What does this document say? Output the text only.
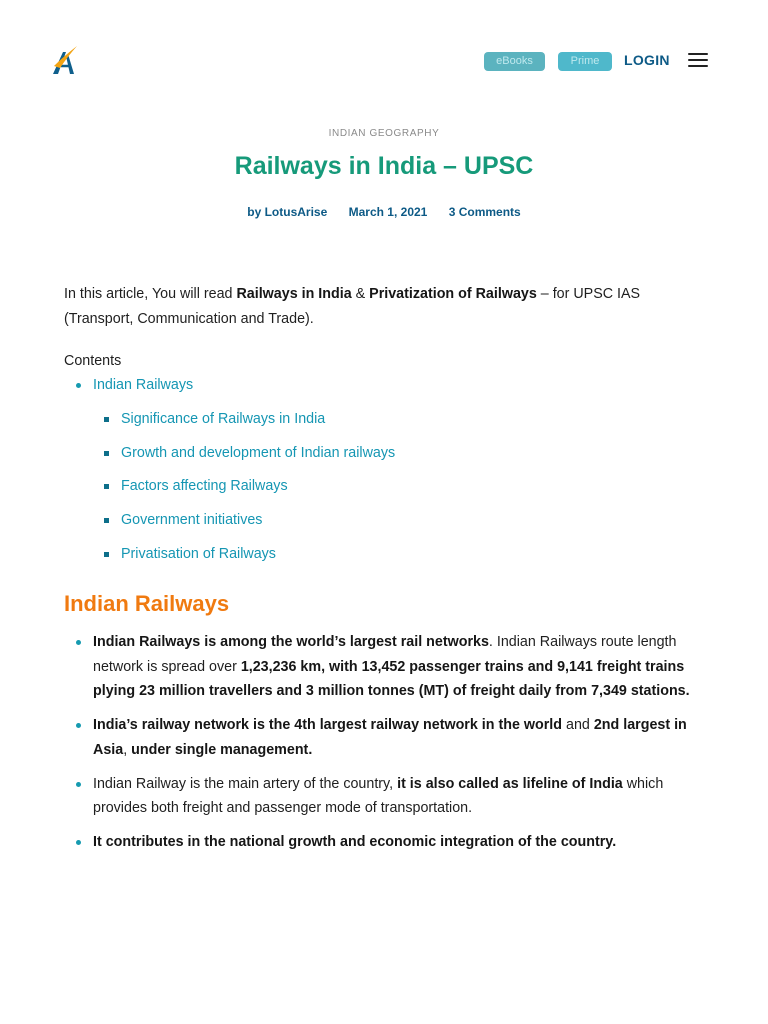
eBooks	Prime	LOGIN
INDIAN GEOGRAPHY
Railways in India – UPSC
by LotusArise March 1, 2021 3 Comments

In this article, You will read Railways in India & Privatization of Railways – for UPSC IAS (Transport, Communication and Trade).

Contents
Indian Railways
Significance of Railways in India
Growth and development of Indian railways
Factors affecting Railways
Government initiatives
Privatisation of Railways
Indian Railways
Indian Railways is among the world’s largest rail networks. Indian Railways route length network is spread over 1,23,236 km, with 13,452 passenger trains and 9,141 freight trains plying 23 million travellers and 3 million tonnes (MT) of freight daily from 7,349 stations.
India’s railway network is the 4th largest railway network in the world and 2nd largest in Asia, under single management.
Indian Railway is the main artery of the country, it is also called as lifeline of India which provides both freight and passenger mode of transportation.
It contributes in the national growth and economic integration of the country.
